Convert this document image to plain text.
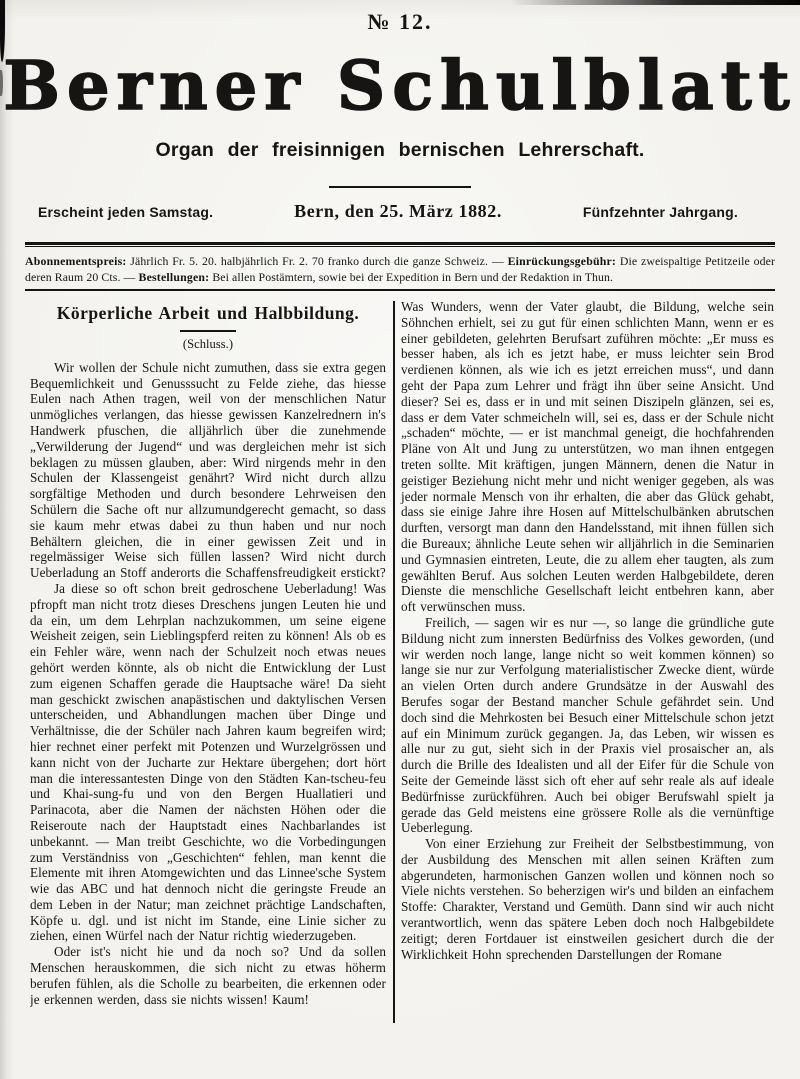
№ 12.
Berner Schulblatt
Organ der freisinnigen bernischen Lehrerschaft.
Erscheint jeden Samstag.	Bern, den 25. März 1882.	Fünfzehnter Jahrgang.
Abonnementspreis: Jährlich Fr. 5. 20. halbjährlich Fr. 2. 70 franko durch die ganze Schweiz. — Einrückungsgebühr: Die zweispaltige Petitzeile oder deren Raum 20 Cts. — Bestellungen: Bei allen Postämtern, sowie bei der Expedition in Bern und der Redaktion in Thun.
Körperliche Arbeit und Halbbildung.
(Schluss.)

Wir wollen der Schule nicht zumuthen, dass sie extra gegen Bequemlichkeit und Genusssucht zu Felde ziehe, das hiesse Eulen nach Athen tragen, weil von der menschlichen Natur unmögliches verlangen, das hiesse gewissen Kanzelrednern in's Handwerk pfuschen, die alljährlich über die zunehmende „Verwilderung der Jugend“ und was dergleichen mehr ist sich beklagen zu müssen glauben, aber: Wird nirgends mehr in den Schulen der Klassengeist genährt? Wird nicht durch allzu sorgfältige Methoden und durch besondere Lehrweisen den Schülern die Sache oft nur allzumundgerecht gemacht, so dass sie kaum mehr etwas dabei zu thun haben und nur noch Behältern gleichen, die in einer gewissen Zeit und in regelmässiger Weise sich füllen lassen? Wird nicht durch Ueberladung an Stoff anderorts die Schaffensfreudigkeit erstickt?

Ja diese so oft schon breit gedroschene Ueberladung! Was pfropft man nicht trotz dieses Dreschens jungen Leuten hie und da ein, um dem Lehrplan nachzukommen, um seine eigene Weisheit zeigen, sein Lieblingspferd reiten zu können! Als ob es ein Fehler wäre, wenn nach der Schulzeit noch etwas neues gehört werden könnte, als ob nicht die Entwicklung der Lust zum eigenen Schaffen gerade die Hauptsache wäre! Da sieht man geschickt zwischen anapästischen und daktylischen Versen unterscheiden, und Abhandlungen machen über Dinge und Verhältnisse, die der Schüler nach Jahren kaum begreifen wird; hier rechnet einer perfekt mit Potenzen und Wurzelgrössen und kann nicht von der Jucharte zur Hektare übergehen; dort hört man die interessantesten Dinge von den Städten Kan-tscheu-feu und Khai-sung-fu und von den Bergen Huallatieri und Parinacota, aber die Namen der nächsten Höhen oder die Reiseroute nach der Hauptstadt eines Nachbarlandes ist unbekannt. — Man treibt Geschichte, wo die Vorbedingungen zum Verständniss von „Geschichten“ fehlen, man kennt die Elemente mit ihren Atomgewichten und das Linnee'sche System wie das ABC und hat dennoch nicht die geringste Freude an dem Leben in der Natur; man zeichnet prächtige Landschaften, Köpfe u. dgl. und ist nicht im Stande, eine Linie sicher zu ziehen, einen Würfel nach der Natur richtig wiederzugeben.

Oder ist's nicht hie und da noch so? Und da sollen Menschen herauskommen, die sich nicht zu etwas höherm berufen fühlen, als die Scholle zu bearbeiten, die erkennen oder je erkennen werden, dass sie nichts wissen! Kaum!

Was Wunders, wenn der Vater glaubt, die Bildung, welche sein Söhnchen erhielt, sei zu gut für einen schlichten Mann, wenn er es einer gebildeten, gelehrten Berufsart zuführen möchte: „Er muss es besser haben, als ich es jetzt habe, er muss leichter sein Brod verdienen können, als wie ich es jetzt erreichen muss“, und dann geht der Papa zum Lehrer und frägt ihn über seine Ansicht. Und dieser? Sei es, dass er in und mit seinen Diszipeln glänzen, sei es, dass er dem Vater schmeicheln will, sei es, dass er der Schule nicht „schaden“ möchte, — er ist manchmal geneigt, die hochfahrenden Pläne von Alt und Jung zu unterstützen, wo man ihnen entgegen treten sollte. Mit kräftigen, jungen Männern, denen die Natur in geistiger Beziehung nicht mehr und nicht weniger gegeben, als was jeder normale Mensch von ihr erhalten, die aber das Glück gehabt, dass sie einige Jahre ihre Hosen auf Mittelschulbänken abrutschen durften, versorgt man dann den Handelsstand, mit ihnen füllen sich die Bureaux; ähnliche Leute sehen wir alljährlich in die Seminarien und Gymnasien eintreten, Leute, die zu allem eher taugten, als zum gewählten Beruf. Aus solchen Leuten werden Halbgebildete, deren Dienste die menschliche Gesellschaft leicht entbehren kann, aber oft verwünschen muss.

Freilich, — sagen wir es nur —, so lange die gründliche gute Bildung nicht zum innersten Bedürfniss des Volkes geworden, (und wir werden noch lange, lange nicht so weit kommen können) so lange sie nur zur Verfolgung materialistischer Zwecke dient, würde an vielen Orten durch andere Grundsätze in der Auswahl des Berufes sogar der Bestand mancher Schule gefährdet sein. Und doch sind die Mehrkosten bei Besuch einer Mittelschule schon jetzt auf ein Minimum zurück gegangen. Ja, das Leben, wir wissen es alle nur zu gut, sieht sich in der Praxis viel prosaischer an, als durch die Brille des Idealisten und all der Eifer für die Schule von Seite der Gemeinde lässt sich oft eher auf sehr reale als auf ideale Bedürfnisse zurückführen. Auch bei obiger Berufswahl spielt ja gerade das Geld meistens eine grössere Rolle als die vernünftige Ueberlegung.

Von einer Erziehung zur Freiheit der Selbstbestimmung, von der Ausbildung des Menschen mit allen seinen Kräften zum abgerundeten, harmonischen Ganzen wollen und können noch so Viele nichts verstehen. So beherzigen wir's und bilden an einfachem Stoffe: Charakter, Verstand und Gemüth. Dann sind wir auch nicht verantwortlich, wenn das spätere Leben doch noch Halbgebildete zeitigt; deren Fortdauer ist einstweilen gesichert durch die der Wirklichkeit Hohn sprechenden Darstellungen der Romane
